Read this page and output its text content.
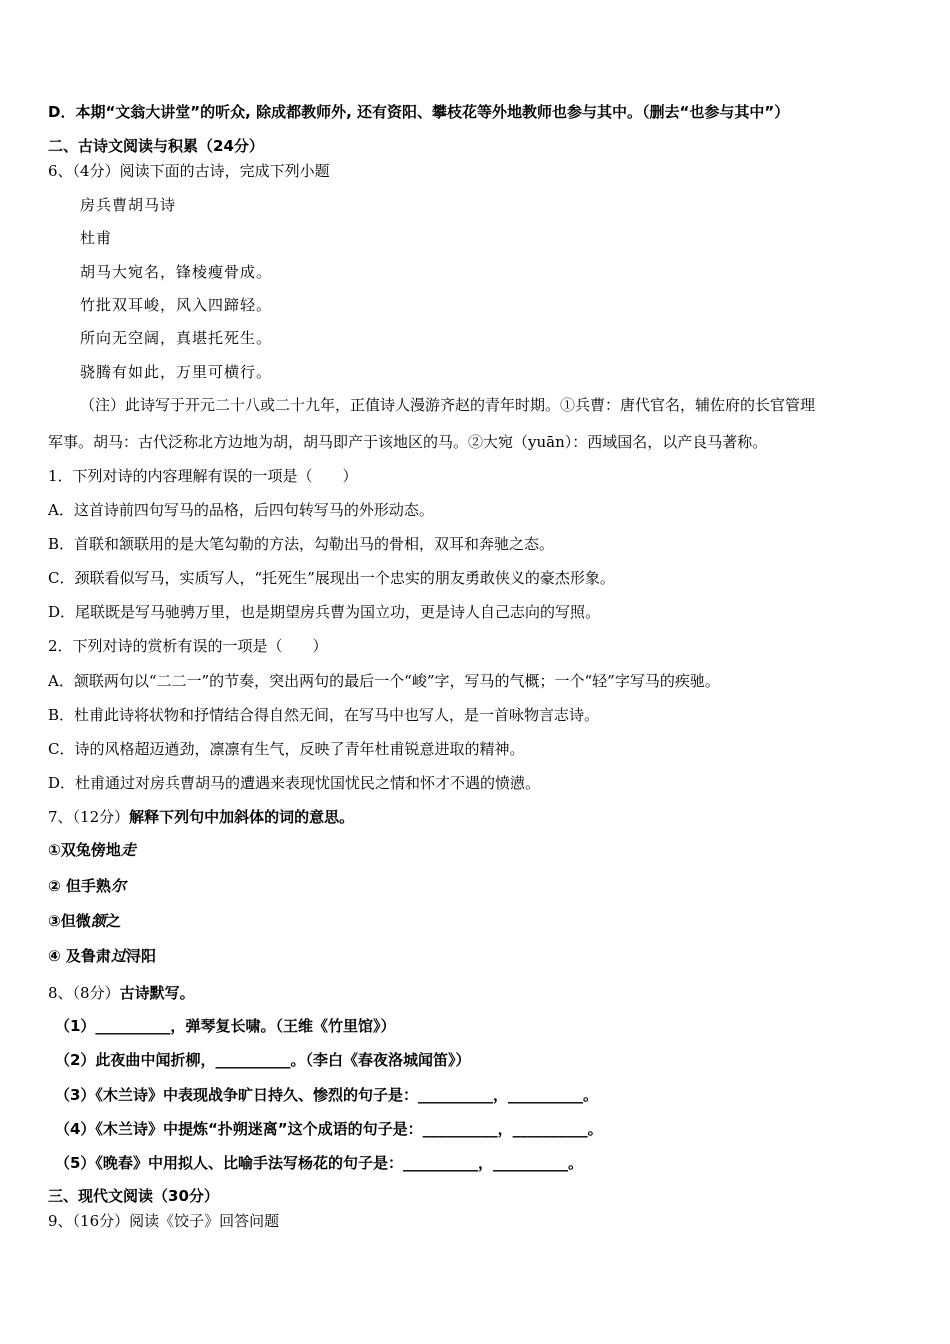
D．本期“文翁大讲堂”的听众, 除成都教师外, 还有资阳、攀枝花等外地教师也参与其中。（删去“也参与其中”）
二、古诗文阅读与积累（24分）
6、（4分）阅读下面的古诗，完成下列小题
房兵曹胡马诗
杜甫
胡马大宛名，锋棱瘦骨成。
竹批双耳峻，风入四蹄轻。
所向无空阔，真堪托死生。
骁腾有如此，万里可横行。
（注）此诗写于开元二十八或二十九年，正值诗人漫游齐赵的青年时期。①兵曹：唐代官名，辅佐府的长官管理
军事。胡马：古代泛称北方边地为胡，胡马即产于该地区的马。②大宛（yuān）：西域国名，以产良马著称。
1．下列对诗的内容理解有误的一项是（　　）
A．这首诗前四句写马的品格，后四句转写马的外形动态。
B．首联和颔联用的是大笔勾勒的方法，勾勒出马的骨相，双耳和奔驰之态。
C．颈联看似写马，实质写人，“托死生”展现出一个忠实的朋友勇敢侠义的豪杰形象。
D．尾联既是写马驰骋万里，也是期望房兵曹为国立功，更是诗人自己志向的写照。
2．下列对诗的赏析有误的一项是（　　）
A．颔联两句以“二二一”的节奏，突出两句的最后一个“峻”字，写马的气概；一个“轻”字写马的疾驰。
B．杜甫此诗将状物和抒情结合得自然无间，在写马中也写人，是一首咏物言志诗。
C．诗的风格超迈遒劲，凛凛有生气，反映了青年杜甫锐意进取的精神。
D．杜甫通过对房兵曹胡马的遭遇来表现忧国忧民之情和怀才不遇的愤懑。
7、（12分）解释下列句中加斜体的词的意思。
①双兔傍地走
② 但手熟尔
③但微颔之
④ 及鲁肃过浔阳
8、（8分）古诗默写。
（1）__________，弹琴复长啸。（王维《竹里馆》）
（2）此夜曲中闻折柳，__________。（李白《春夜洛城闻笛》）
（3）《木兰诗》中表现战争旷日持久、惨烈的句子是：__________，__________。
（4）《木兰诗》中提炼“扑朔迷离”这个成语的句子是：__________，__________。
（5）《晚春》中用拟人、比喻手法写杨花的句子是：__________，__________。
三、现代文阅读（30分）
9、（16分）阅读《饺子》回答问题
